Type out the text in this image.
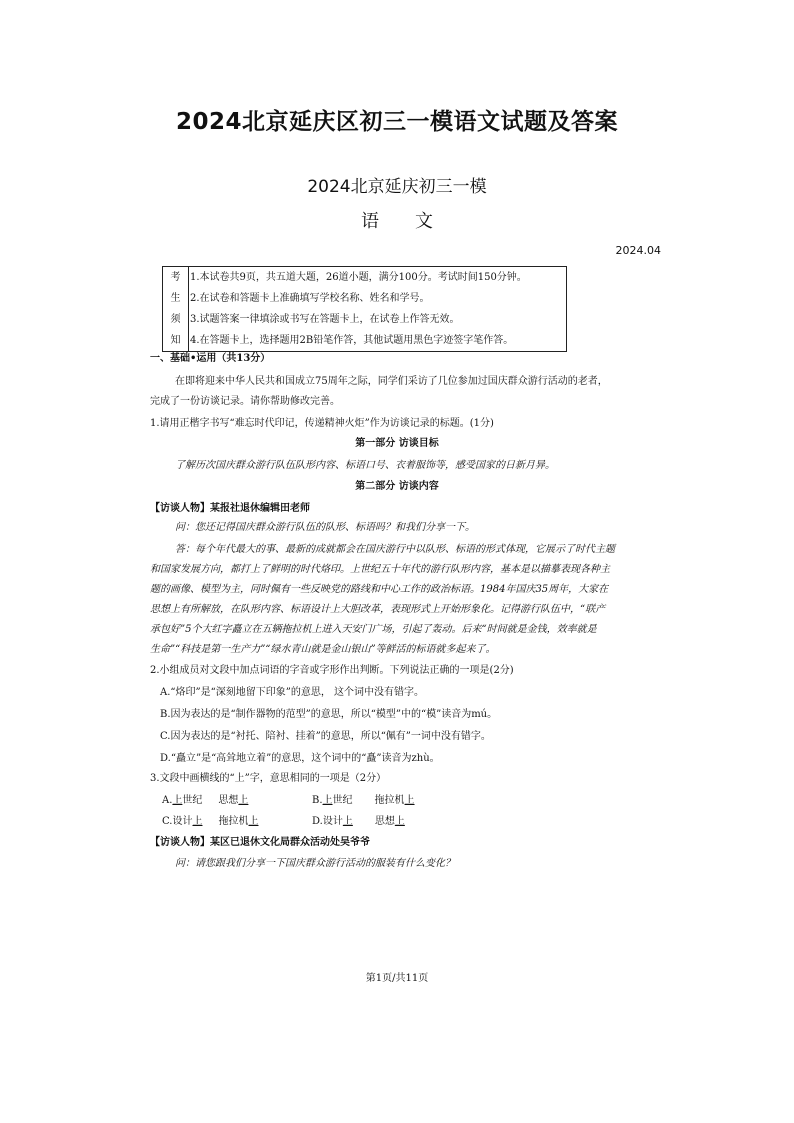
2024北京延庆区初三一模语文试题及答案
2024北京延庆初三一模
语 文
2024.04
考
生
须
知
1.本试卷共9页，共五道大题，26道小题，满分100分。考试时间150分钟。
2.在试卷和答题卡上准确填写学校名称、姓名和学号。
3.试题答案一律填涂或书写在答题卡上，在试卷上作答无效。
4.在答题卡上，选择题用2B铅笔作答，其他试题用黑色字迹签字笔作答。
一、基础•运用（共13分）
在即将迎来中华人民共和国成立75周年之际，同学们采访了几位参加过国庆群众游行活动的老者，
完成了一份访谈记录。请你帮助修改完善。
1.请用正楷字书写“难忘时代印记，传递精神火炬”作为访谈记录的标题。(1分)
第一部分 访谈目标
了解历次国庆群众游行队伍队形内容、标语口号、衣着服饰等，感受国家的日新月异。
第二部分 访谈内容
【访谈人物】某报社退休编辑田老师
问：您还记得国庆群众游行队伍的队形、标语吗？和我们分享一下。
答：每个年代最大的事、最新的成就都会在国庆游行中以队形、标语的形式体现，它展示了时代主题
和国家发展方向，都打上了鲜明的时代烙印。上世纪五十年代的游行队形内容，基本是以描摹表现各种主
题的画像、模型为主，同时佩有一些反映党的路线和中心工作的政治标语。1984年国庆35周年，大家在
思想上有所解放，在队形内容、标语设计上大胆改革，表现形式上开始形象化。记得游行队伍中，“联产
承包好”5个大红字矗立在五辆拖拉机上进入天安门广场，引起了轰动。后来“时间就是金钱，效率就是
生命”“科技是第一生产力”“绿水青山就是金山银山”等鲜活的标语就多起来了。
2.小组成员对文段中加点词语的字音或字形作出判断。下列说法正确的一项是(2分)
A.“烙印”是“深刻地留下印象”的意思， 这个词中没有错字。
B.因为表达的是“制作器物的范型”的意思，所以“模型”中的“模”读音为mú。
C.因为表达的是“衬托、陪衬、挂着”的意思，所以“佩有”一词中没有错字。
D.“矗立”是“高耸地立着”的意思，这个词中的“矗”读音为zhù。
3.文段中画横线的“上”字，意思相同的一项是（2分）
A.上世纪 思想上	B.上世纪 拖拉机上
C.设计上 拖拉机上	D.设计上 思想上
【访谈人物】某区已退休文化局群众活动处吴爷爷
问：请您跟我们分享一下国庆群众游行活动的服装有什么变化？
第1页/共11页
